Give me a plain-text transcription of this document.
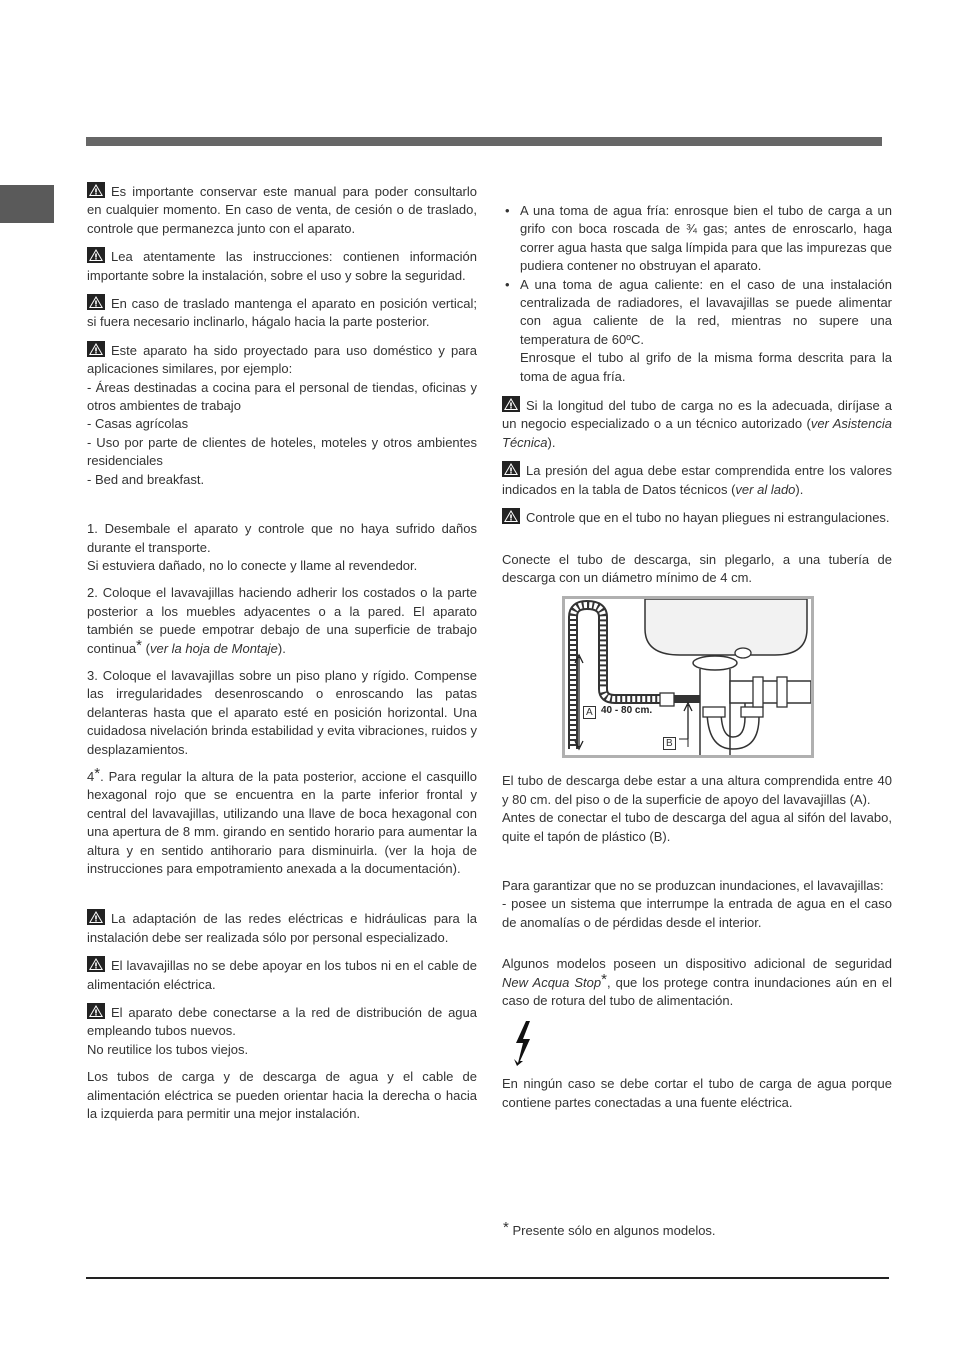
Es importante conservar este manual para poder consultarlo en cualquier momento. En caso de venta, de cesión o de traslado, controle que permanezca junto con el aparato.

Lea atentamente las instrucciones: contienen información importante sobre la instalación, sobre el uso y sobre la seguridad.

En caso de traslado mantenga el aparato en posición vertical; si fuera necesario inclinarlo, hágalo hacia la parte posterior.

Este aparato ha sido proyectado para uso doméstico y para aplicaciones similares, por ejemplo:
- Áreas destinadas a cocina para el personal de tiendas, oficinas y otros ambientes de trabajo
- Casas agrícolas
- Uso por parte de clientes de hoteles, moteles y otros ambientes residenciales
- Bed and breakfast.

1. Desembale el aparato y controle que no haya sufrido daños durante el transporte.
Si estuviera dañado, no lo conecte y llame al revendedor.

2. Coloque el lavavajillas haciendo adherir los costados o la parte posterior a los muebles adyacentes o a la pared. El aparato también se puede empotrar debajo de una superficie de trabajo continua* (ver la hoja de Montaje).

3. Coloque el lavavajillas sobre un piso plano y rígido. Compense las irregularidades desenroscando o enroscando las patas delanteras hasta que el aparato esté en posición horizontal. Una cuidadosa nivelación brinda estabilidad y evita vibraciones, ruidos y desplazamientos.

4*. Para regular la altura de la pata posterior, accione el casquillo hexagonal rojo que se encuentra en la parte inferior frontal y central del lavavajillas, utilizando una llave de boca hexagonal con una apertura de 8 mm. girando en sentido horario para aumentar la altura y en sentido antihorario para disminuirla. (ver la hoja de instrucciones para empotramiento anexada a la documentación).

La adaptación de las redes eléctricas e hidráulicas para la instalación debe ser realizada sólo por personal especializado.

El lavavajillas no se debe apoyar en los tubos ni en el cable de alimentación eléctrica.

El aparato debe conectarse a la red de distribución de agua empleando tubos nuevos.
No reutilice los tubos viejos.

Los tubos de carga y de descarga de agua y el cable de alimentación eléctrica se pueden orientar hacia la derecha o hacia la izquierda para permitir una mejor instalación.

• A una toma de agua fría: enrosque bien el tubo de carga a un grifo con boca roscada de ¾ gas; antes de enroscarlo, haga correr agua hasta que salga límpida para que las impurezas que pudiera contener no obstruyan el aparato.
• A una toma de agua caliente: en el caso de una instalación centralizada de radiadores, el lavavajillas se puede alimentar con agua caliente de la red, mientras no supere una temperatura de 60ºC.
Enrosque el tubo al grifo de la misma forma descrita para la toma de agua fría.

Si la longitud del tubo de carga no es la adecuada, diríjase a un negocio especializado o a un técnico autorizado (ver Asistencia Técnica).

La presión del agua debe estar comprendida entre los valores indicados en la tabla de Datos técnicos (ver al lado).

Controle que en el tubo no hayan pliegues ni estrangulaciones.

Conecte el tubo de descarga, sin plegarlo, a una tubería de descarga con un diámetro mínimo de 4 cm.

A 40 - 80 cm.
B

El tubo de descarga debe estar a una altura comprendida entre 40 y 80 cm. del piso o de la superficie de apoyo del lavavajillas (A).
Antes de conectar el tubo de descarga del agua al sifón del lavabo, quite el tapón de plástico (B).

Para garantizar que no se produzcan inundaciones, el lavavajillas:
- posee un sistema que interrumpe la entrada de agua en el caso de anomalías o de pérdidas desde el interior.

Algunos modelos poseen un dispositivo adicional de seguridad New Acqua Stop*, que los protege contra inundaciones aún en el caso de rotura del tubo de alimentación.

En ningún caso se debe cortar el tubo de carga de agua porque contiene partes conectadas a una fuente eléctrica.

* Presente sólo en algunos modelos.
